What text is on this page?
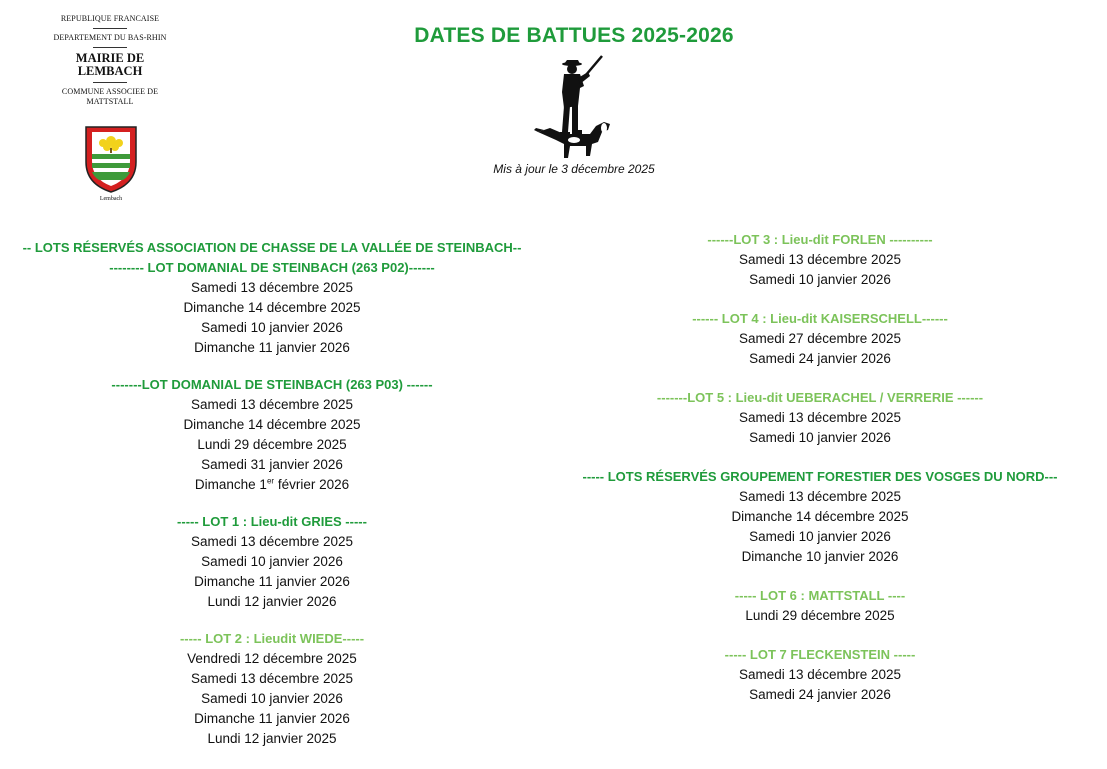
REPUBLIQUE FRANCAISE
DEPARTEMENT DU BAS-RHIN
MAIRIE DE
LEMBACH
COMMUNE ASSOCIEE DE
MATTSTALL
Lembach
DATES DE BATTUES 2025-2026
Mis à jour le 3 décembre 2025
-- LOTS RÉSERVÉS ASSOCIATION DE CHASSE DE LA VALLÉE DE STEINBACH--
-------- LOT DOMANIAL DE STEINBACH (263 P02)------
Samedi 13 décembre 2025
Dimanche 14 décembre 2025
Samedi 10 janvier 2026
Dimanche 11 janvier 2026
-------LOT DOMANIAL DE STEINBACH (263 P03) ------
Samedi 13 décembre 2025
Dimanche 14 décembre 2025
Lundi 29 décembre 2025
Samedi 31 janvier 2026
Dimanche 1er février 2026
----- LOT 1 : Lieu-dit GRIES -----
Samedi 13 décembre 2025
Samedi 10 janvier 2026
Dimanche 11 janvier 2026
Lundi 12 janvier 2026
----- LOT 2 : Lieudit WIEDE-----
Vendredi 12 décembre 2025
Samedi 13 décembre 2025
Samedi 10 janvier 2026
Dimanche 11 janvier 2026
Lundi 12 janvier 2025
------LOT 3 : Lieu-dit FORLEN ----------
Samedi 13 décembre 2025
Samedi 10 janvier 2026
------ LOT 4 : Lieu-dit KAISERSCHELL------
Samedi 27 décembre 2025
Samedi 24 janvier 2026
-------LOT 5 : Lieu-dit UEBERACHEL / VERRERIE ------
Samedi 13 décembre 2025
Samedi 10 janvier 2026
----- LOTS RÉSERVÉS GROUPEMENT FORESTIER DES VOSGES DU NORD---
Samedi 13 décembre 2025
Dimanche 14 décembre 2025
Samedi 10 janvier 2026
Dimanche 10 janvier 2026
----- LOT 6 : MATTSTALL ----
Lundi 29 décembre 2025
----- LOT 7 FLECKENSTEIN -----
Samedi 13 décembre 2025
Samedi 24 janvier 2026
